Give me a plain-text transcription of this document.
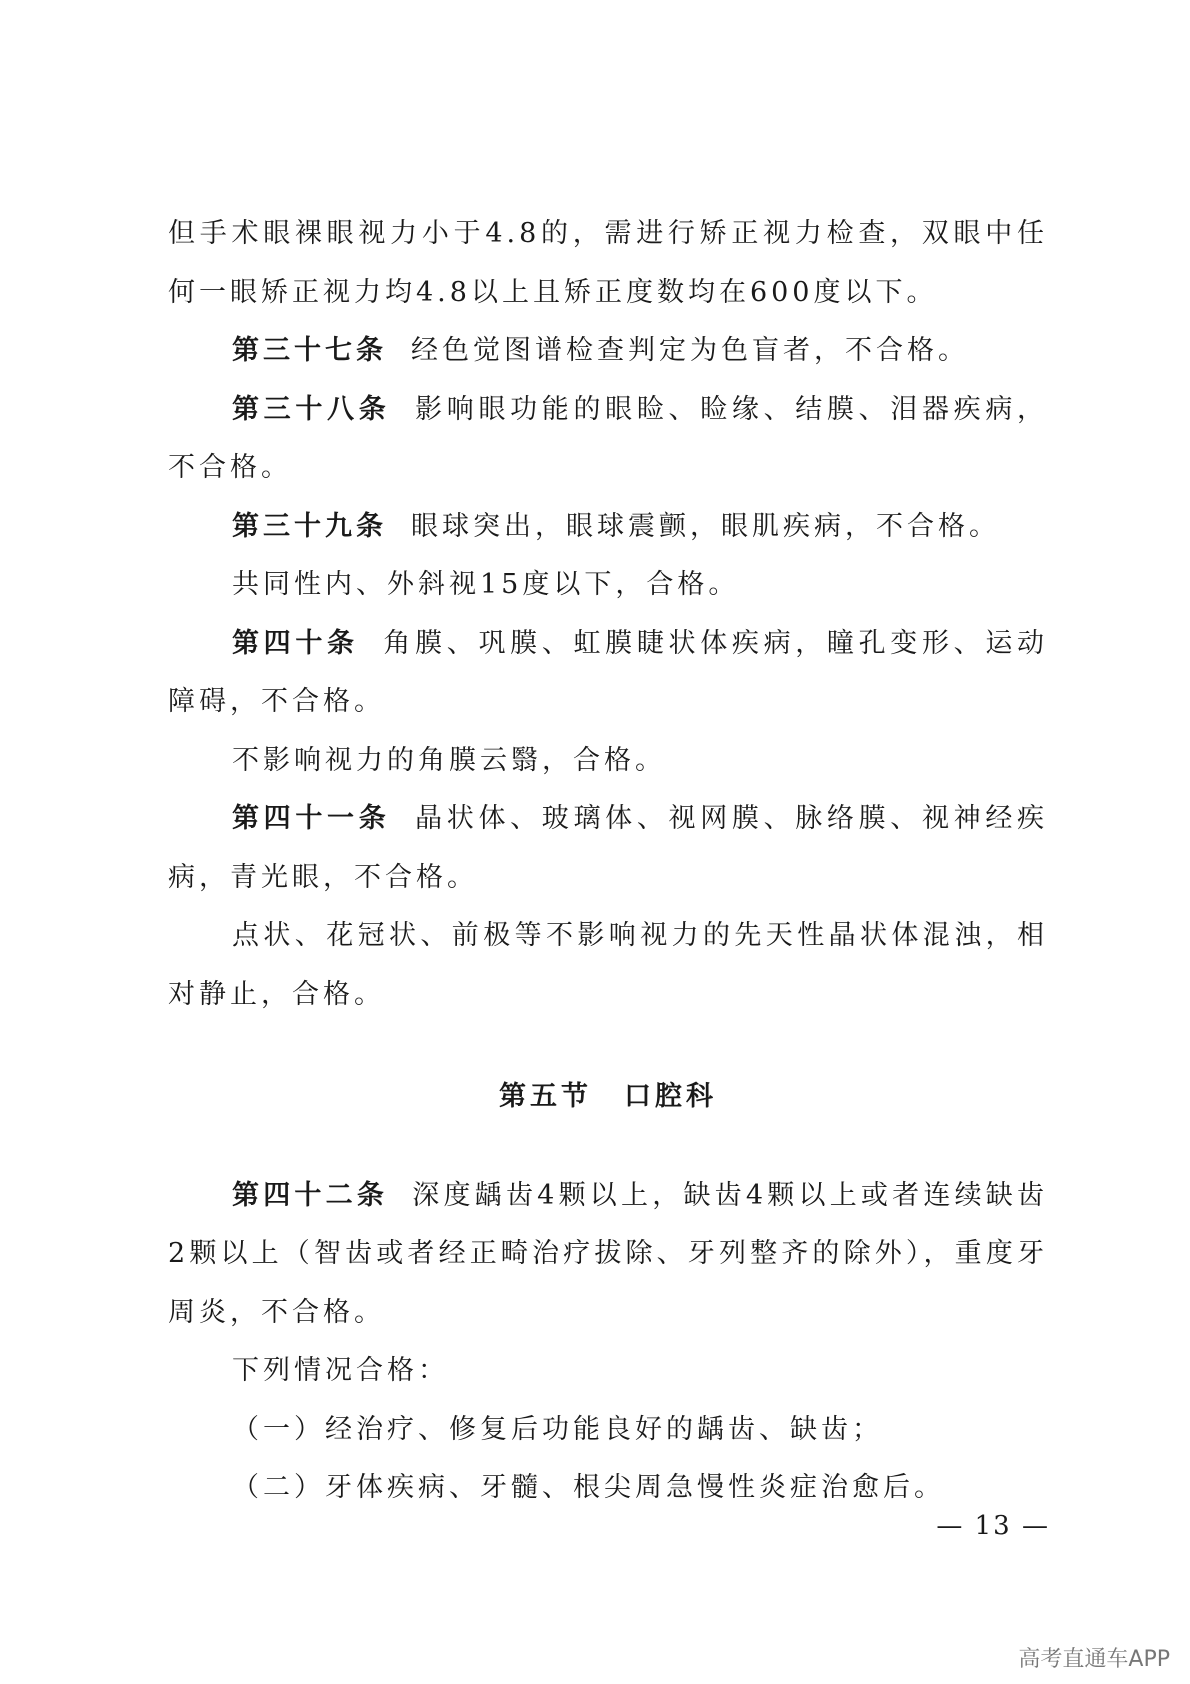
但手术眼裸眼视力小于4.8的，需进行矫正视力检查，双眼中任何一眼矫正视力均4.8以上且矫正度数均在600度以下。

第三十七条 经色觉图谱检查判定为色盲者，不合格。

第三十八条 影响眼功能的眼睑、睑缘、结膜、泪器疾病，不合格。

第三十九条 眼球突出，眼球震颤，眼肌疾病，不合格。

共同性内、外斜视15度以下，合格。

第四十条 角膜、巩膜、虹膜睫状体疾病，瞳孔变形、运动障碍，不合格。

不影响视力的角膜云翳，合格。

第四十一条 晶状体、玻璃体、视网膜、脉络膜、视神经疾病，青光眼，不合格。

点状、花冠状、前极等不影响视力的先天性晶状体混浊，相对静止，合格。

第五节 口腔科

第四十二条 深度龋齿4颗以上，缺齿4颗以上或者连续缺齿2颗以上（智齿或者经正畸治疗拔除、牙列整齐的除外），重度牙周炎，不合格。

下列情况合格：

（一）经治疗、修复后功能良好的龋齿、缺齿；

（二）牙体疾病、牙髓、根尖周急慢性炎症治愈后。

— 13 —
高考直通车APP
